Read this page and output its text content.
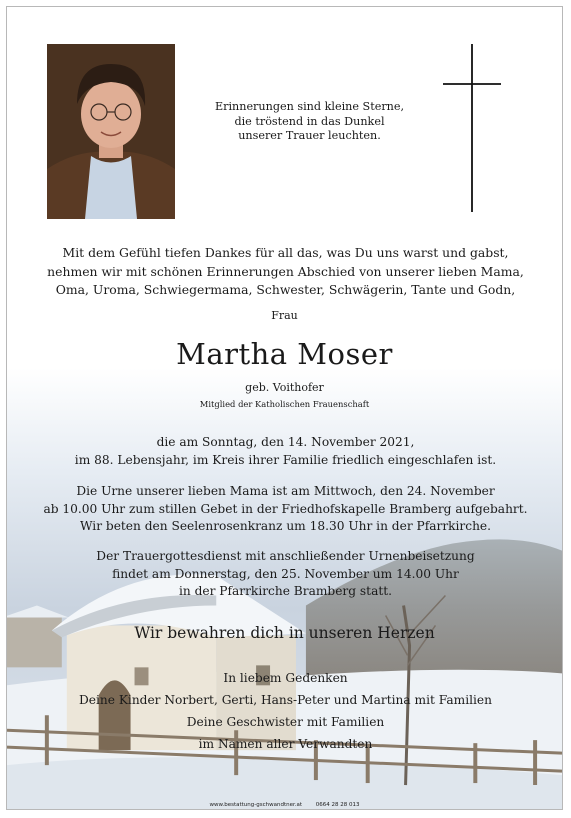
Erinnerungen sind kleine Sterne,
die tröstend in das Dunkel
unserer Trauer leuchten.
Mit dem Gefühl tiefen Dankes für all das, was Du uns warst und gabst,
nehmen wir mit schönen Erinnerungen Abschied von unserer lieben Mama,
Oma, Uroma, Schwiegermama, Schwester, Schwägerin, Tante und Godn,
Frau
Martha Moser
geb. Voithofer
Mitglied der Katholischen Frauenschaft
die am Sonntag, den 14. November 2021,
im 88. Lebensjahr, im Kreis ihrer Familie friedlich eingeschlafen ist.
Die Urne unserer lieben Mama ist am Mittwoch, den 24. November
ab 10.00 Uhr zum stillen Gebet in der Friedhofskapelle Bramberg aufgebahrt.
Wir beten den Seelenrosenkranz um 18.30 Uhr in der Pfarrkirche.
Der Trauergottesdienst mit anschließender Urnenbeisetzung
findet am Donnerstag, den 25. November um 14.00 Uhr
in der Pfarrkirche Bramberg statt.
Wir bewahren dich in unseren Herzen
In liebem Gedenken
Deine Kinder Norbert, Gerti, Hans-Peter und Martina mit Familien
Deine Geschwister mit Familien
im Namen aller Verwandten
www.bestattung-gschwandtner.at	0664 28 28 013
